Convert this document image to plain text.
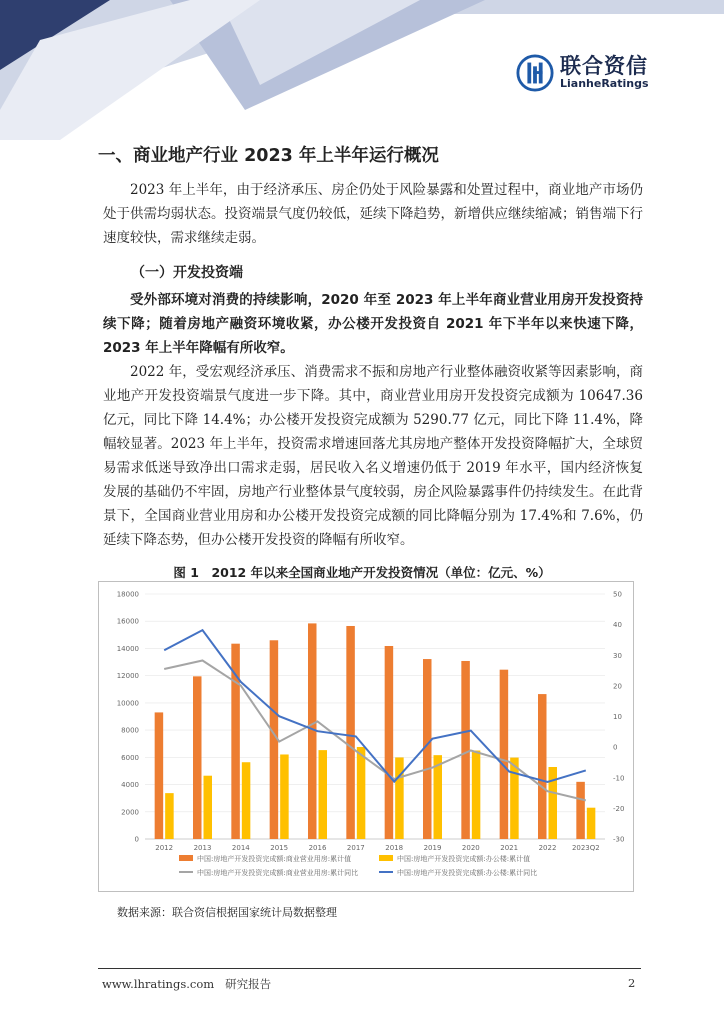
联合资信
LianheRatings
一、商业地产行业 2023 年上半年运行概况
2023 年上半年，由于经济承压、房企仍处于风险暴露和处置过程中，商业地产市场仍处于供需均弱状态。投资端景气度仍较低，延续下降趋势，新增供应继续缩减；销售端下行速度较快，需求继续走弱。
（一）开发投资端
受外部环境对消费的持续影响，2020 年至 2023 年上半年商业营业用房开发投资持续下降；随着房地产融资环境收紧，办公楼开发投资自 2021 年下半年以来快速下降，2023 年上半年降幅有所收窄。
2022 年，受宏观经济承压、消费需求不振和房地产行业整体融资收紧等因素影响，商业地产开发投资端景气度进一步下降。其中，商业营业用房开发投资完成额为 10647.36 亿元，同比下降 14.4%；办公楼开发投资完成额为 5290.77 亿元，同比下降 11.4%，降幅较显著。2023 年上半年，投资需求增速回落尤其房地产整体开发投资降幅扩大，全球贸易需求低迷导致净出口需求走弱，居民收入名义增速仍低于 2019 年水平，国内经济恢复发展的基础仍不牢固，房地产行业整体景气度较弱，房企风险暴露事件仍持续发生。在此背景下，全国商业营业用房和办公楼开发投资完成额的同比降幅分别为 17.4%和 7.6%，仍延续下降态势，但办公楼开发投资的降幅有所收窄。
图 1　2012 年以来全国商业地产开发投资情况（单位：亿元、%）
0
2000
4000
6000
8000
10000
12000
14000
16000
18000
-30
-20
-10
0
10
20
30
40
50
2012	2013	2014	2015	2016	2017	2018	2019	2020	2021	2022 2023Q2
中国:房地产开发投资完成额:商业营业用房:累计值	中国:房地产开发投资完成额:办公楼:累计值
中国:房地产开发投资完成额:商业营业用房:累计同比	中国:房地产开发投资完成额:办公楼:累计同比
数据来源：联合资信根据国家统计局数据整理
www.lhratings.com 研究报告	2
